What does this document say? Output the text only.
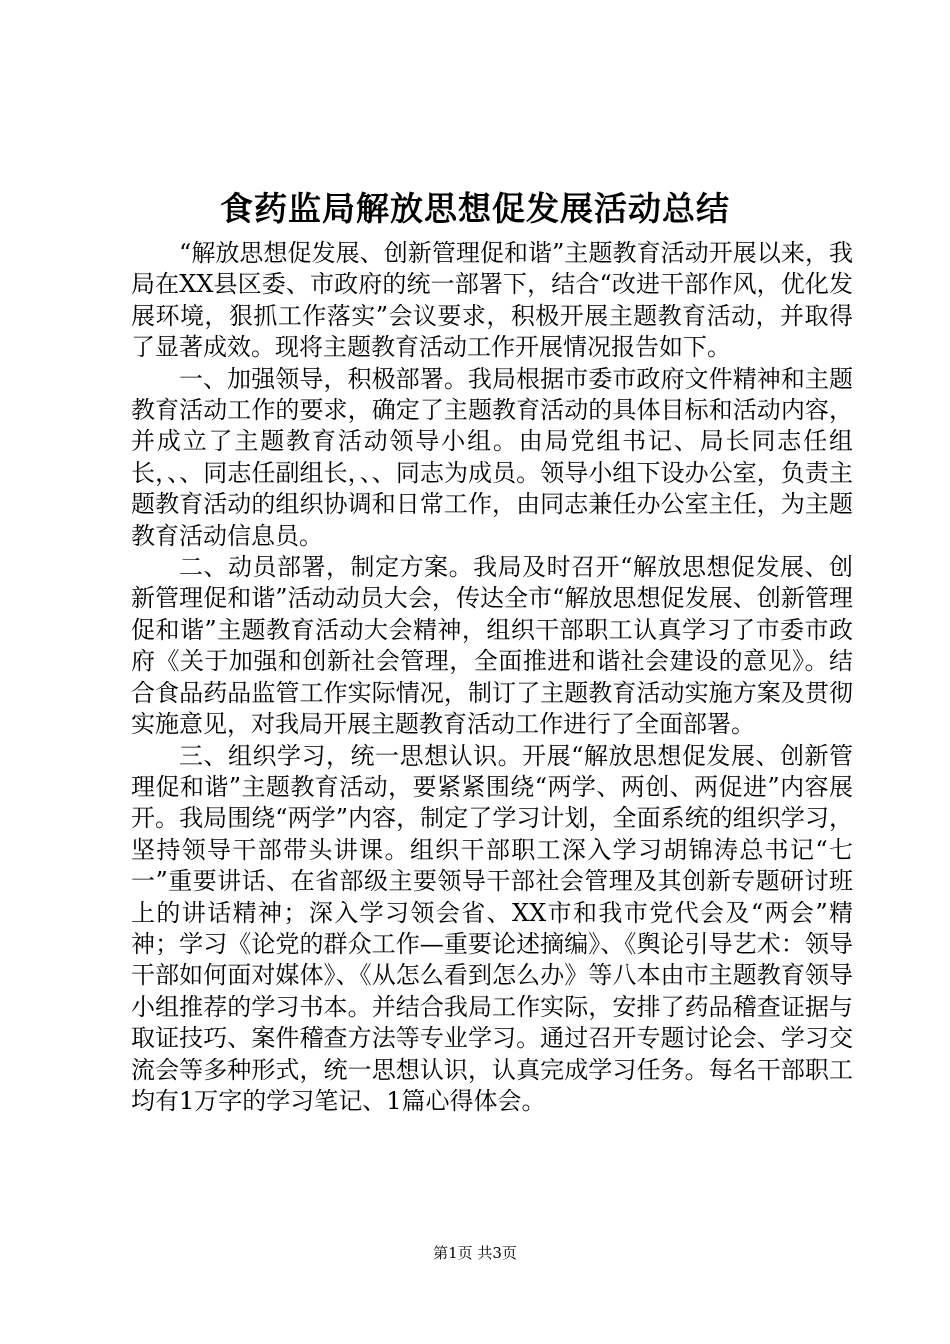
食药监局解放思想促发展活动总结

“解放思想促发展、创新管理促和谐”主题教育活动开展以来，我局在XX县区委、市政府的统一部署下，结合“改进干部作风，优化发展环境，狠抓工作落实”会议要求，积极开展主题教育活动，并取得了显著成效。现将主题教育活动工作开展情况报告如下。

一、加强领导，积极部署。我局根据市委市政府文件精神和主题教育活动工作的要求，确定了主题教育活动的具体目标和活动内容，并成立了主题教育活动领导小组。由局党组书记、局长同志任组长，、、同志任副组长，、、同志为成员。领导小组下设办公室，负责主题教育活动的组织协调和日常工作，由同志兼任办公室主任，为主题教育活动信息员。

二、动员部署，制定方案。我局及时召开“解放思想促发展、创新管理促和谐”活动动员大会，传达全市“解放思想促发展、创新管理促和谐”主题教育活动大会精神，组织干部职工认真学习了市委市政府《关于加强和创新社会管理，全面推进和谐社会建设的意见》。结合食品药品监管工作实际情况，制订了主题教育活动实施方案及贯彻实施意见，对我局开展主题教育活动工作进行了全面部署。

三、组织学习，统一思想认识。开展“解放思想促发展、创新管理促和谐”主题教育活动，要紧紧围绕“两学、两创、两促进”内容展开。我局围绕“两学”内容，制定了学习计划，全面系统的组织学习，坚持领导干部带头讲课。组织干部职工深入学习胡锦涛总书记“七一”重要讲话、在省部级主要领导干部社会管理及其创新专题研讨班上的讲话精神；深入学习领会省、XX市和我市党代会及“两会”精神；学习《论党的群众工作—重要论述摘编》、《舆论引导艺术：领导干部如何面对媒体》、《从怎么看到怎么办》等八本由市主题教育领导小组推荐的学习书本。并结合我局工作实际，安排了药品稽查证据与取证技巧、案件稽查方法等专业学习。通过召开专题讨论会、学习交流会等多种形式，统一思想认识，认真完成学习任务。每名干部职工均有1万字的学习笔记、1篇心得体会。

第1页 共3页
